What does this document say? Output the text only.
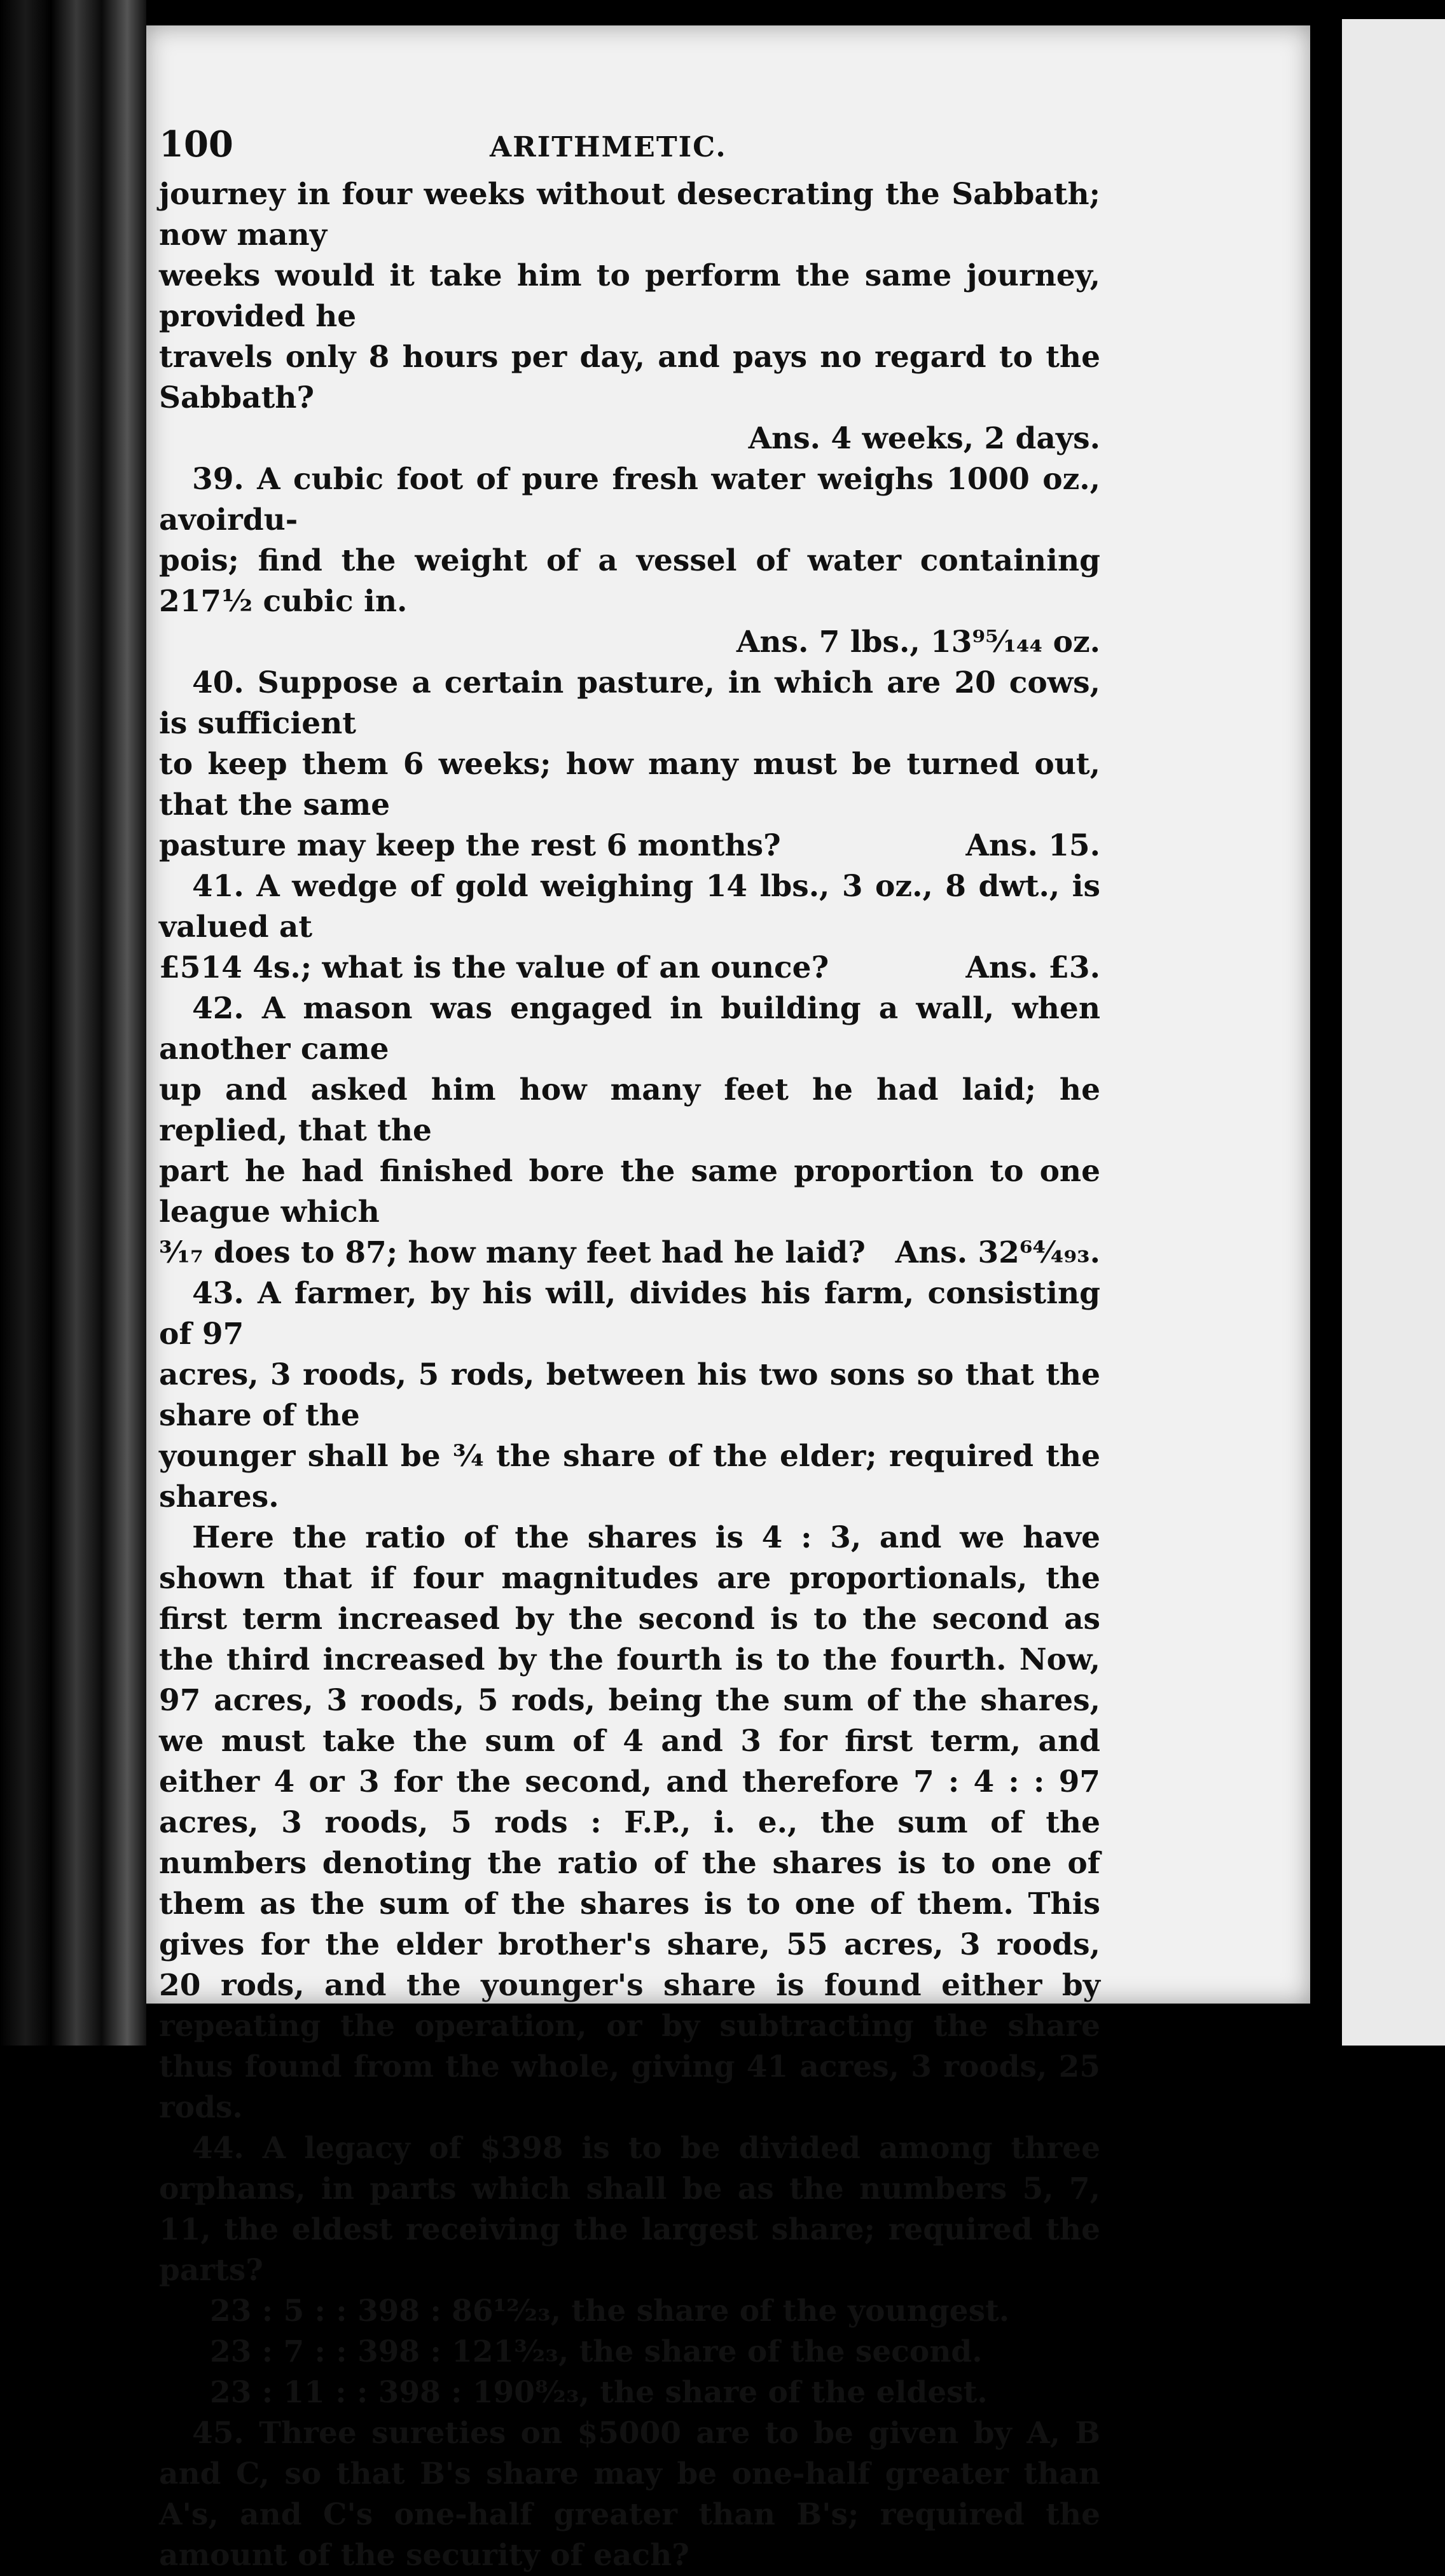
100	ARITHMETIC.

journey in four weeks without desecrating the Sabbath; now many

weeks would it take him to perform the same journey, provided he

travels only 8 hours per day, and pays no regard to the Sabbath?

Ans. 4 weeks, 2 days.

39. A cubic foot of pure fresh water weighs 1000 oz., avoirdu-

pois; find the weight of a vessel of water containing 217½ cubic in.

Ans. 7 lbs., 13⁹⁵⁄₁₄₄ oz.

40. Suppose a certain pasture, in which are 20 cows, is sufficient

to keep them 6 weeks; how many must be turned out, that the same

pasture may keep the rest 6 months?	Ans. 15.

41. A wedge of gold weighing 14 lbs., 3 oz., 8 dwt., is valued at

£514 4s.; what is the value of an ounce?	Ans. £3.

42. A mason was engaged in building a wall, when another came

up and asked him how many feet he had laid; he replied, that the

part he had finished bore the same proportion to one league which

³⁄₁₇ does to 87; how many feet had he laid? Ans. 32⁶⁴⁄₄₉₃.

43. A farmer, by his will, divides his farm, consisting of 97

acres, 3 roods, 5 rods, between his two sons so that the share of the

younger shall be ¾ the share of the elder; required the shares.

Here the ratio of the shares is 4 : 3, and we have shown that if four magnitudes are proportionals, the first term increased by the second is to the second as the third increased by the fourth is to the fourth. Now, 97 acres, 3 roods, 5 rods, being the sum of the shares, we must take the sum of 4 and 3 for first term, and either 4 or 3 for the second, and therefore 7 : 4 : : 97 acres, 3 roods, 5 rods : F.P., i. e., the sum of the numbers denoting the ratio of the shares is to one of them as the sum of the shares is to one of them. This gives for the elder brother's share, 55 acres, 3 roods, 20 rods, and the younger's share is found either by repeating the operation, or by subtracting the share thus found from the whole, giving 41 acres, 3 roods, 25 rods.

44. A legacy of $398 is to be divided among three orphans, in parts which shall be as the numbers 5, 7, 11, the eldest receiving the largest share; required the parts?

23 : 5 : : 398 : 86¹²⁄₂₃, the share of the youngest.

23 : 7 : : 398 : 121³⁄₂₃, the share of the second.

23 : 11 : : 398 : 190⁸⁄₂₃, the share of the eldest.

45. Three sureties on $5000 are to be given by A, B and C, so that B's share may be one-half greater than A's, and C's one-half greater than B's; required the amount of the security of each?
